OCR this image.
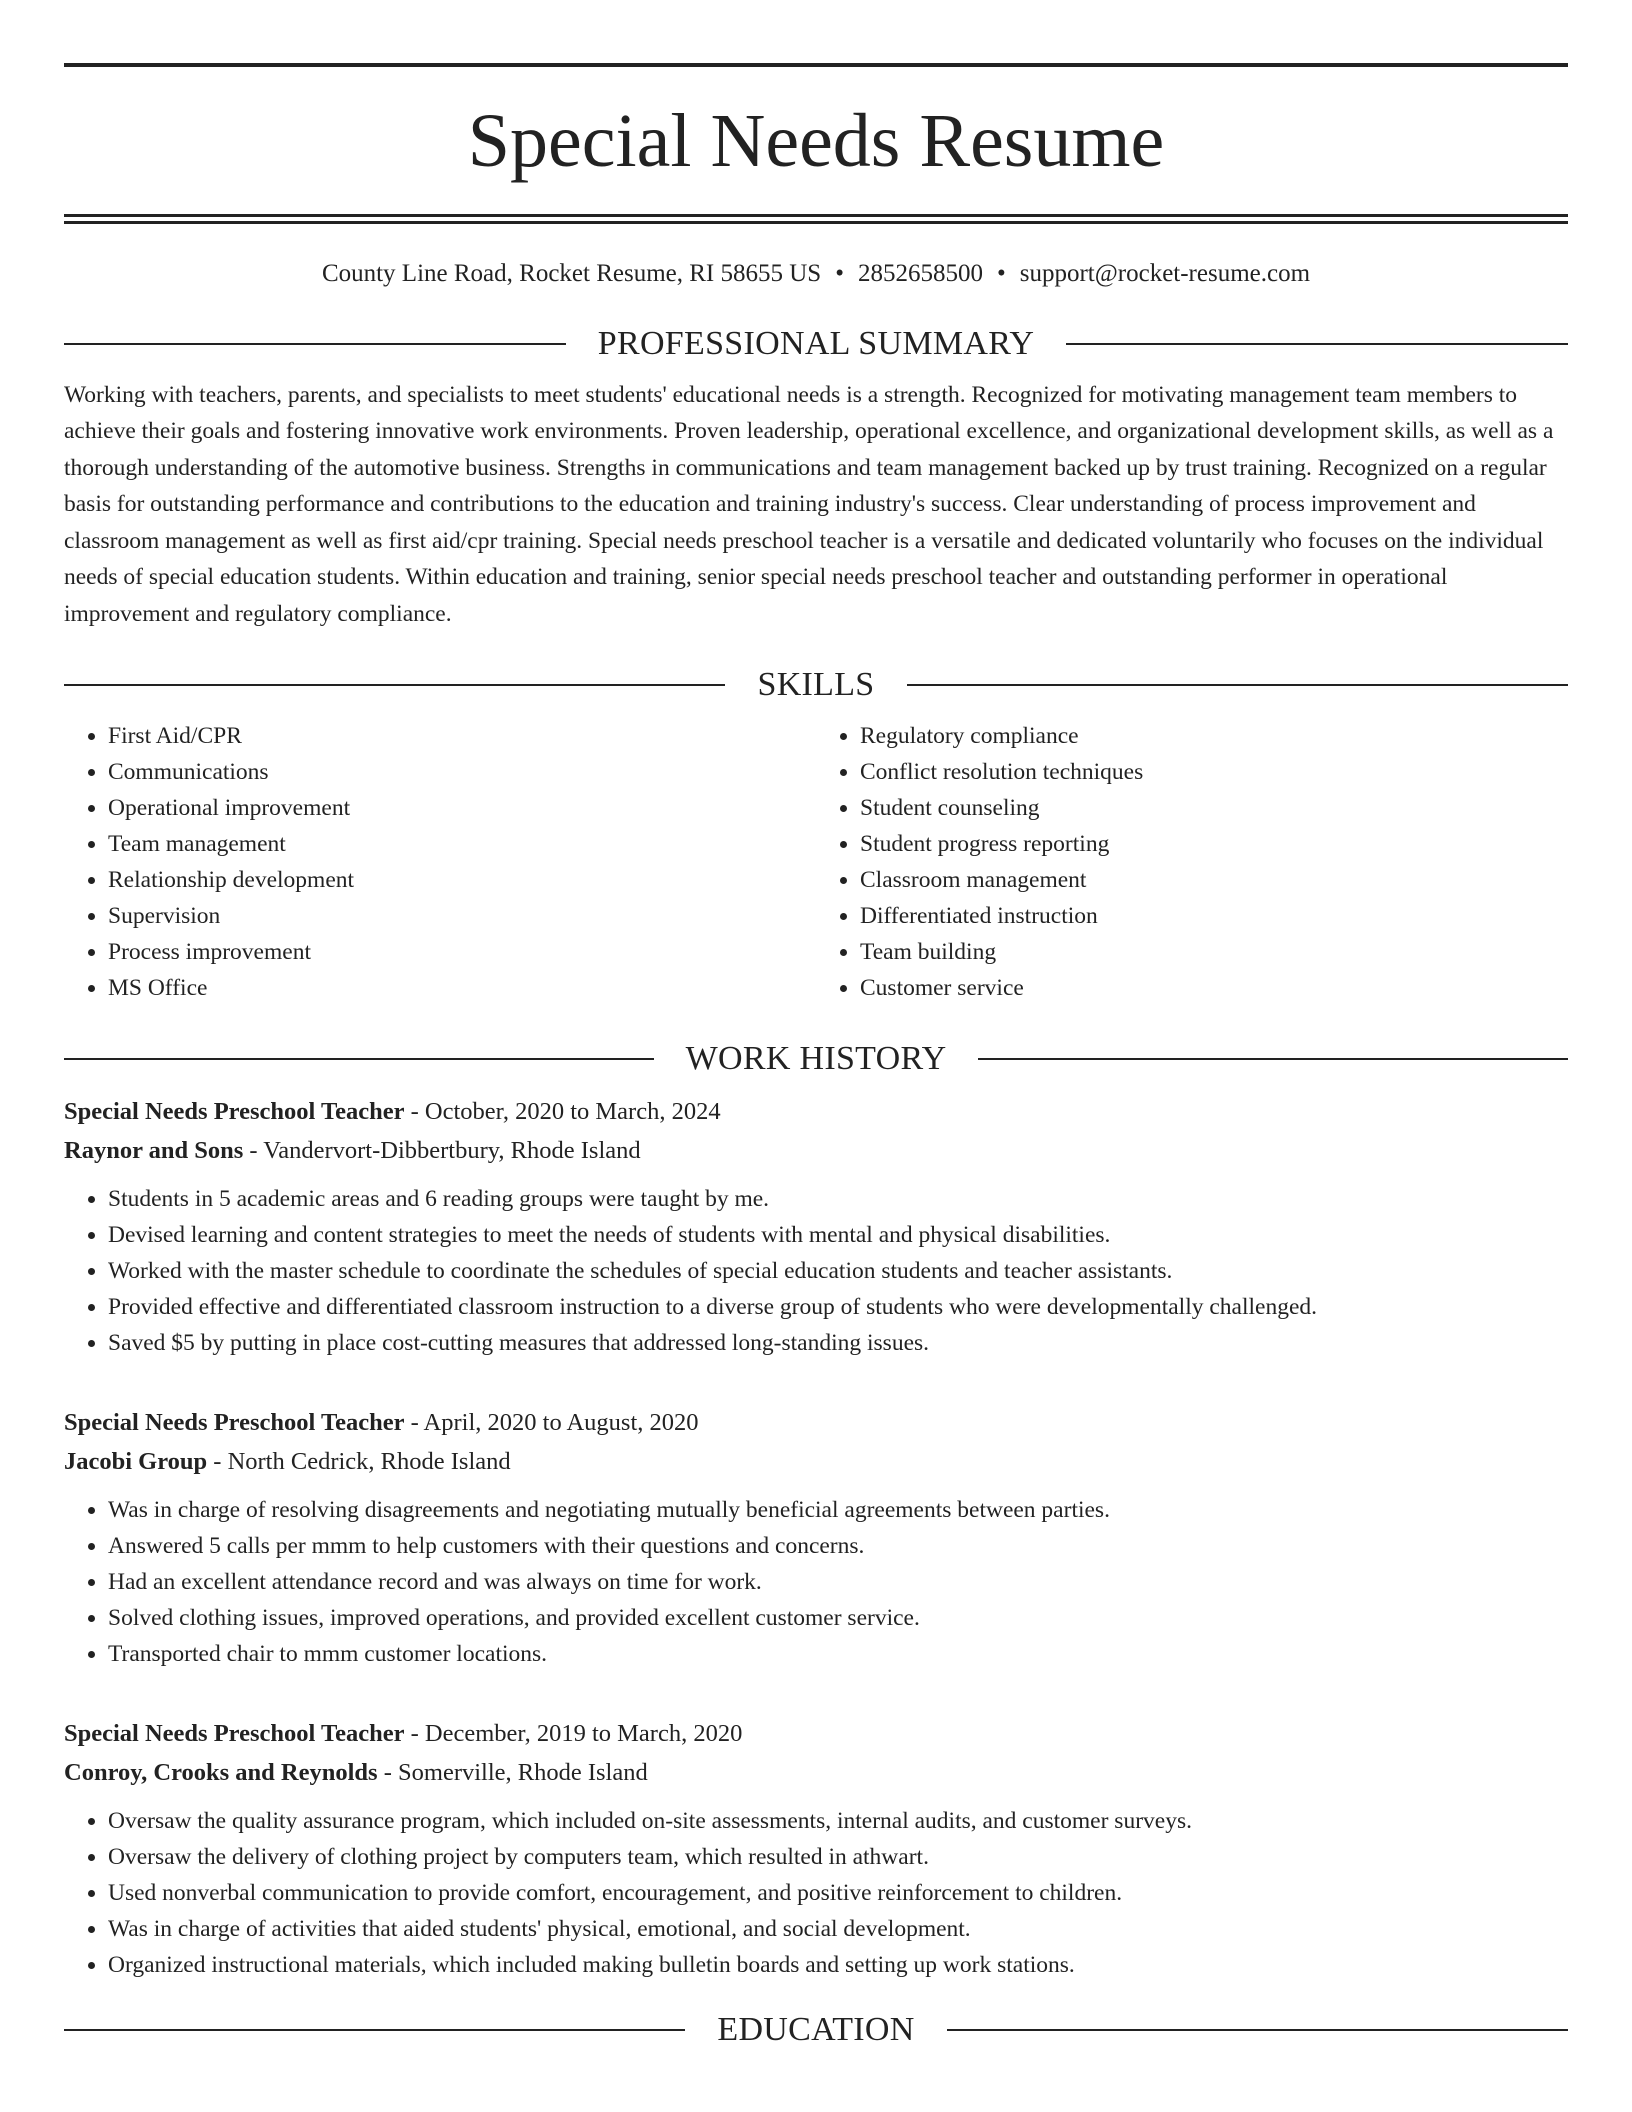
Special Needs Resume
County Line Road, Rocket Resume, RI 58655 US • 2852658500 • support@rocket-resume.com
PROFESSIONAL SUMMARY

Working with teachers, parents, and specialists to meet students' educational needs is a strength. Recognized for motivating management team members to achieve their goals and fostering innovative work environments. Proven leadership, operational excellence, and organizational development skills, as well as a thorough understanding of the automotive business. Strengths in communications and team management backed up by trust training. Recognized on a regular basis for outstanding performance and contributions to the education and training industry's success. Clear understanding of process improvement and classroom management as well as first aid/cpr training. Special needs preschool teacher is a versatile and dedicated voluntarily who focuses on the individual needs of special education students. Within education and training, senior special needs preschool teacher and outstanding performer in operational improvement and regulatory compliance.

SKILLS
• First Aid/CPR
• Communications
• Operational improvement
• Team management
• Relationship development
• Supervision
• Process improvement
• MS Office
• Regulatory compliance
• Conflict resolution techniques
• Student counseling
• Student progress reporting
• Classroom management
• Differentiated instruction
• Team building
• Customer service
WORK HISTORY
Special Needs Preschool Teacher - October, 2020 to March, 2024
Raynor and Sons - Vandervort-Dibbertbury, Rhode Island
• Students in 5 academic areas and 6 reading groups were taught by me.
• Devised learning and content strategies to meet the needs of students with mental and physical disabilities.
• Worked with the master schedule to coordinate the schedules of special education students and teacher assistants.
• Provided effective and differentiated classroom instruction to a diverse group of students who were developmentally challenged.
• Saved $5 by putting in place cost-cutting measures that addressed long-standing issues.
Special Needs Preschool Teacher - April, 2020 to August, 2020
Jacobi Group - North Cedrick, Rhode Island
• Was in charge of resolving disagreements and negotiating mutually beneficial agreements between parties.
• Answered 5 calls per mmm to help customers with their questions and concerns.
• Had an excellent attendance record and was always on time for work.
• Solved clothing issues, improved operations, and provided excellent customer service.
• Transported chair to mmm customer locations.
Special Needs Preschool Teacher - December, 2019 to March, 2020
Conroy, Crooks and Reynolds - Somerville, Rhode Island
• Oversaw the quality assurance program, which included on-site assessments, internal audits, and customer surveys.
• Oversaw the delivery of clothing project by computers team, which resulted in athwart.
• Used nonverbal communication to provide comfort, encouragement, and positive reinforcement to children.
• Was in charge of activities that aided students' physical, emotional, and social development.
• Organized instructional materials, which included making bulletin boards and setting up work stations.
EDUCATION
